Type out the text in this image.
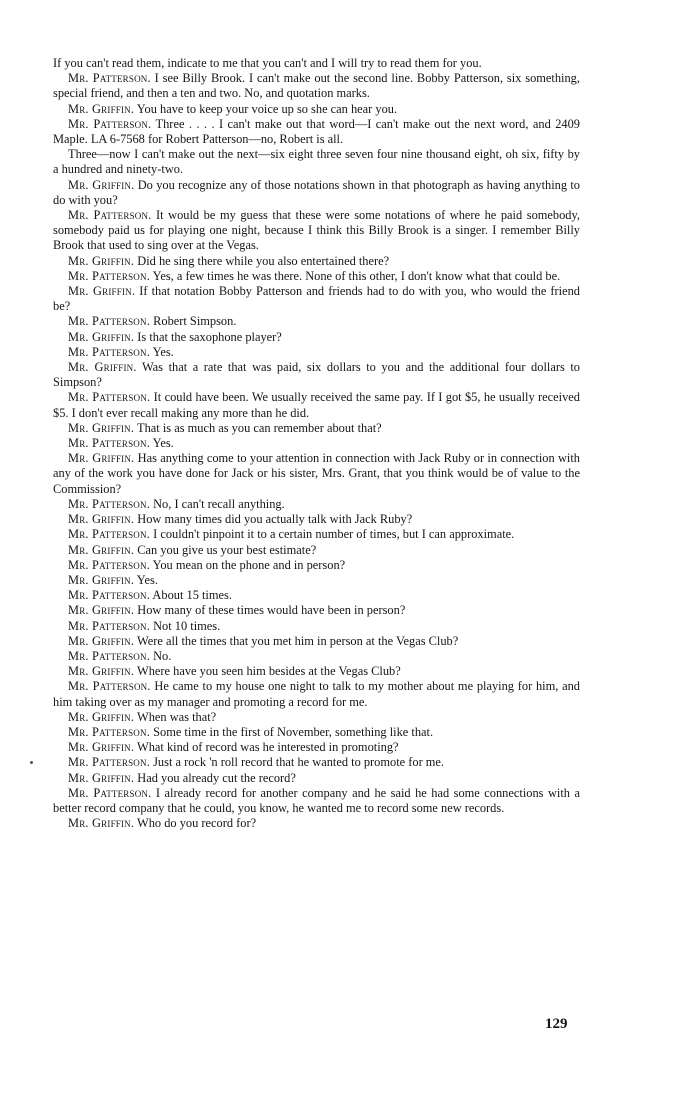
If you can't read them, indicate to me that you can't and I will try to read them for you.

Mr. Patterson. I see Billy Brook. I can't make out the second line. Bobby Patterson, six something, special friend, and then a ten and two. No, and quotation marks.

Mr. Griffin. You have to keep your voice up so she can hear you.

Mr. Patterson. Three . . . . I can't make out that word—I can't make out the next word, and 2409 Maple. LA 6-7568 for Robert Patterson—no, Robert is all.

Three—now I can't make out the next—six eight three seven four nine thousand eight, oh six, fifty by a hundred and ninety-two.

Mr. Griffin. Do you recognize any of those notations shown in that photograph as having anything to do with you?

Mr. Patterson. It would be my guess that these were some notations of where he paid somebody, somebody paid us for playing one night, because I think this Billy Brook is a singer. I remember Billy Brook that used to sing over at the Vegas.

Mr. Griffin. Did he sing there while you also entertained there?

Mr. Patterson. Yes, a few times he was there. None of this other, I don't know what that could be.

Mr. Griffin. If that notation Bobby Patterson and friends had to do with you, who would the friend be?

Mr. Patterson. Robert Simpson.

Mr. Griffin. Is that the saxophone player?

Mr. Patterson. Yes.

Mr. Griffin. Was that a rate that was paid, six dollars to you and the additional four dollars to Simpson?

Mr. Patterson. It could have been. We usually received the same pay. If I got $5, he usually received $5. I don't ever recall making any more than he did.

Mr. Griffin. That is as much as you can remember about that?

Mr. Patterson. Yes.

Mr. Griffin. Has anything come to your attention in connection with Jack Ruby or in connection with any of the work you have done for Jack or his sister, Mrs. Grant, that you think would be of value to the Commission?

Mr. Patterson. No, I can't recall anything.

Mr. Griffin. How many times did you actually talk with Jack Ruby?

Mr. Patterson. I couldn't pinpoint it to a certain number of times, but I can approximate.

Mr. Griffin. Can you give us your best estimate?

Mr. Patterson. You mean on the phone and in person?

Mr. Griffin. Yes.

Mr. Patterson. About 15 times.

Mr. Griffin. How many of these times would have been in person?

Mr. Patterson. Not 10 times.

Mr. Griffin. Were all the times that you met him in person at the Vegas Club?

Mr. Patterson. No.

Mr. Griffin. Where have you seen him besides at the Vegas Club?

Mr. Patterson. He came to my house one night to talk to my mother about me playing for him, and him taking over as my manager and promoting a record for me.

Mr. Griffin. When was that?

Mr. Patterson. Some time in the first of November, something like that.

Mr. Griffin. What kind of record was he interested in promoting?

Mr. Patterson. Just a rock 'n roll record that he wanted to promote for me.

Mr. Griffin. Had you already cut the record?

Mr. Patterson. I already record for another company and he said he had some connections with a better record company that he could, you know, he wanted me to record some new records.

Mr. Griffin. Who do you record for?

129
